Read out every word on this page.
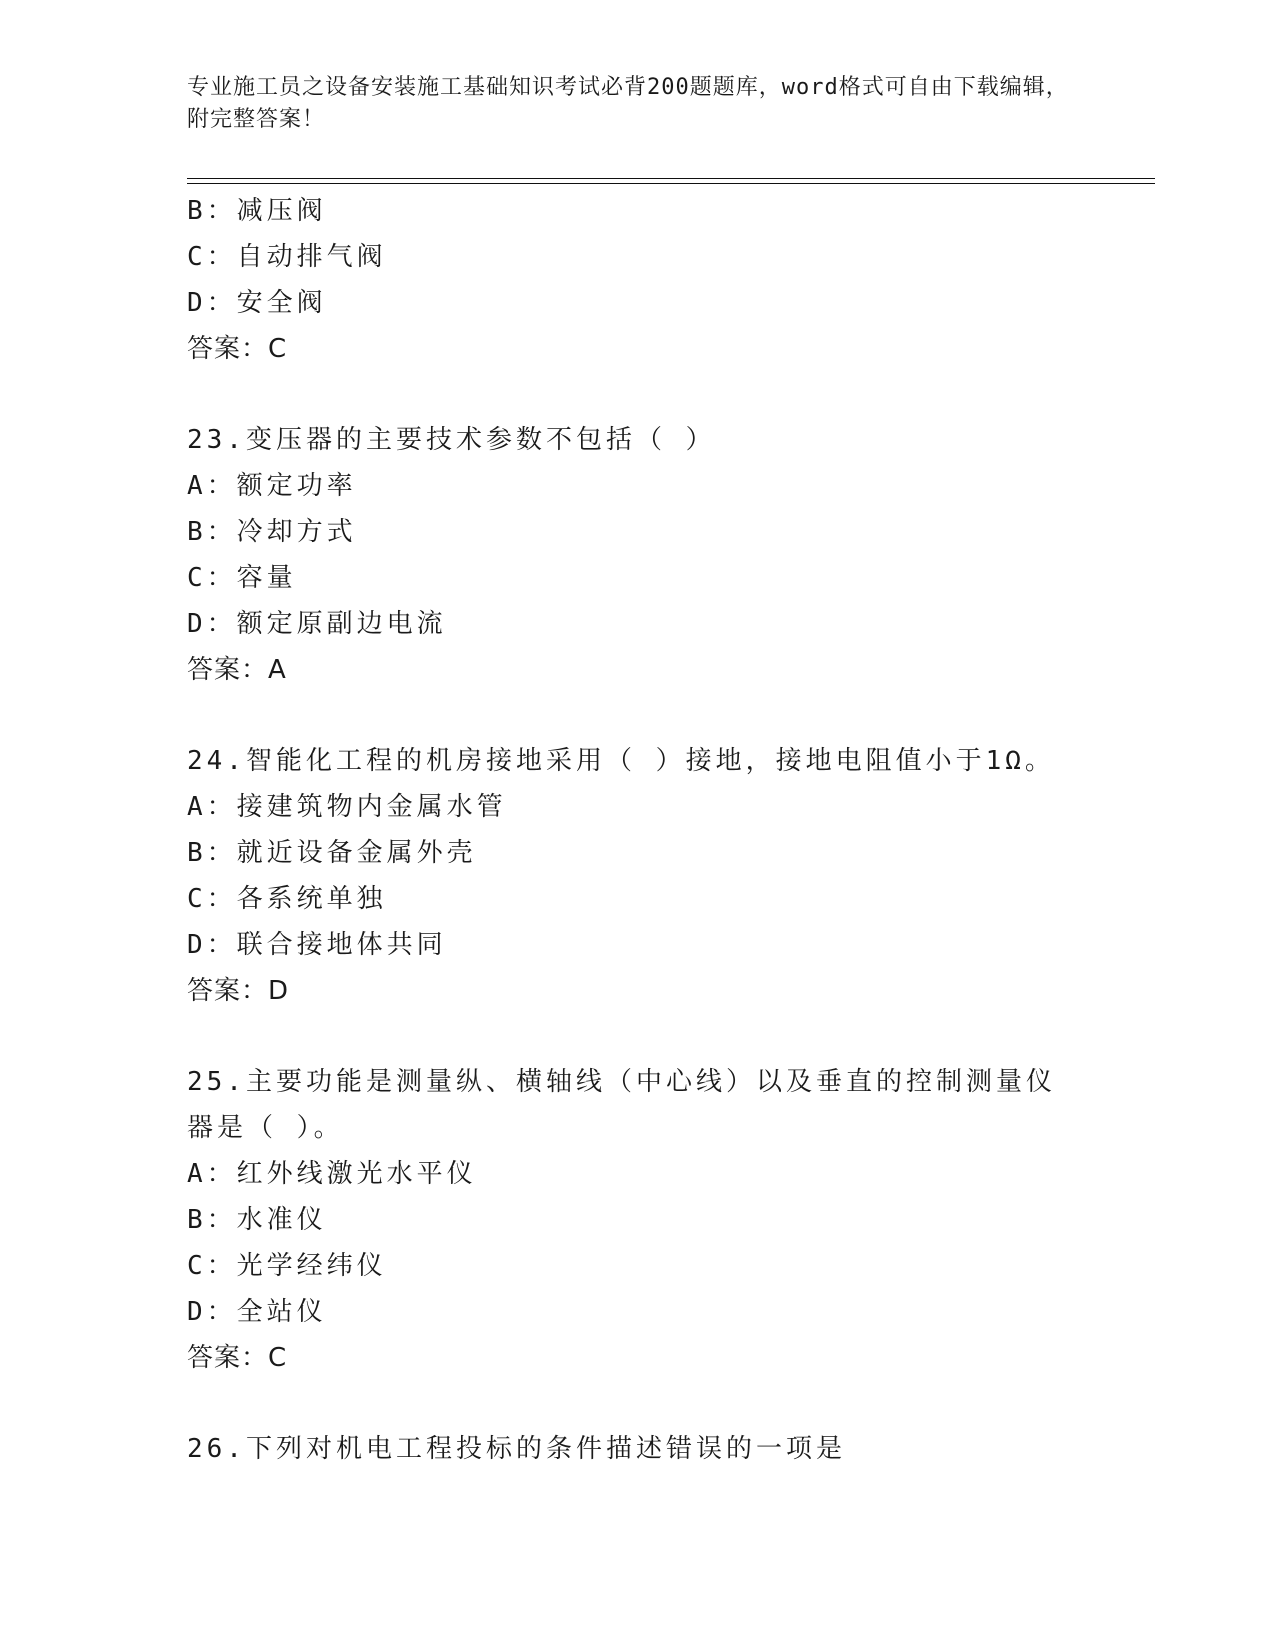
专业施工员之设备安装施工基础知识考试必背200题题库，word格式可自由下载编辑，附完整答案！
B：减压阀
C：自动排气阀
D：安全阀
答案：C
23.变压器的主要技术参数不包括（ ）
A：额定功率
B：冷却方式
C：容量
D：额定原副边电流
答案：A
24.智能化工程的机房接地采用（ ）接地，接地电阻值小于1Ω。
A：接建筑物内金属水管
B：就近设备金属外壳
C：各系统单独
D：联合接地体共同
答案：D
25.主要功能是测量纵、横轴线（中心线）以及垂直的控制测量仪器是（ ）。
A：红外线激光水平仪
B：水准仪
C：光学经纬仪
D：全站仪
答案：C
26.下列对机电工程投标的条件描述错误的一项是
